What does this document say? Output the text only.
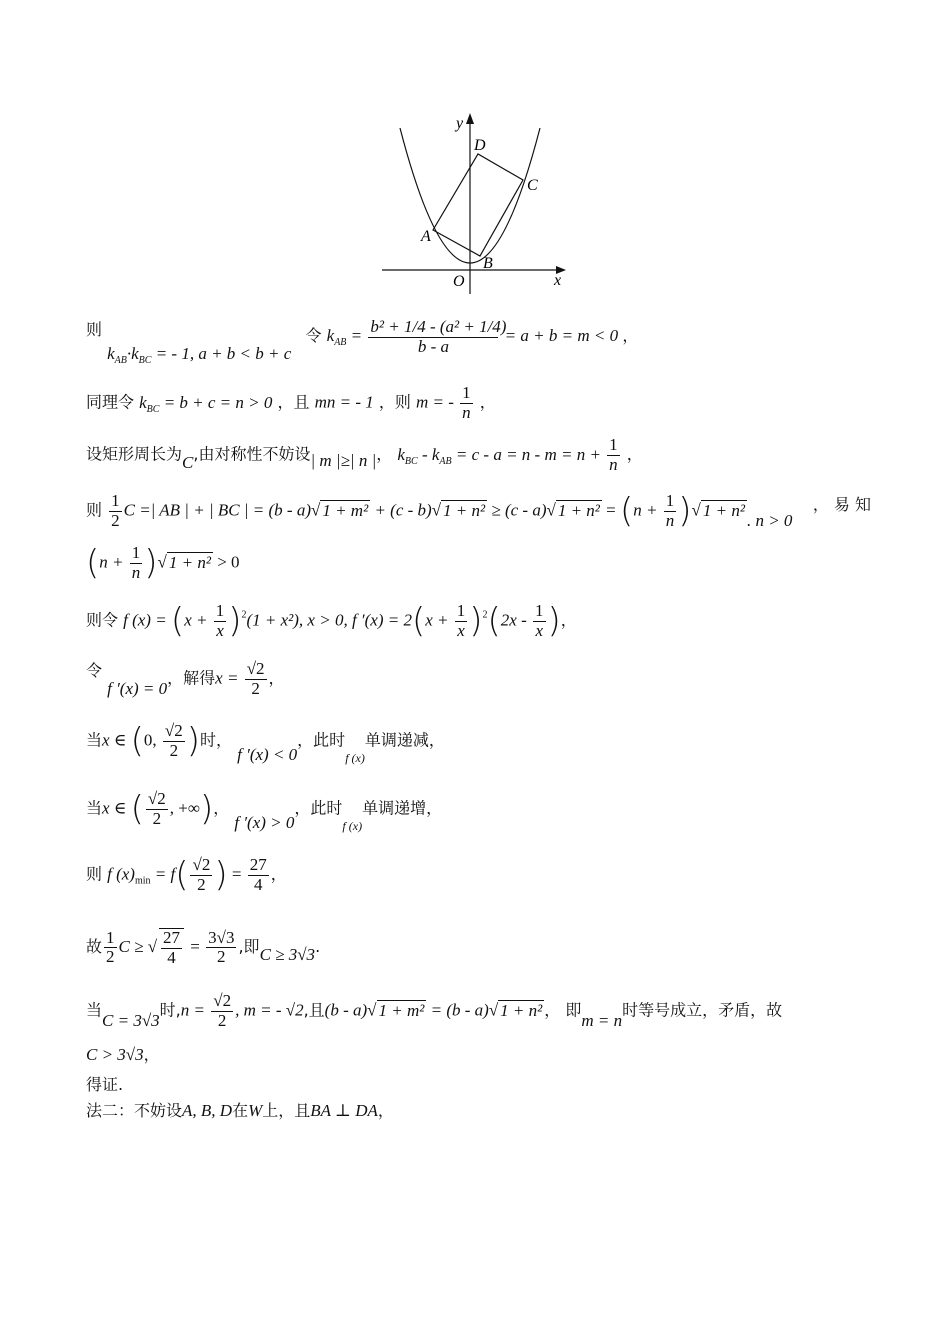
y
D
C
A
B
O	x
则 $k_{AB}\cdot k_{BC}$ = - 1, a + b < b + c 令 $k_{AB} = \frac{\text{b² + 1/4 - (a² + 1/4)}}{b - a} = a + b = m < 0$ ，
同理令 $k_{BC} = b + c = n > 0$ ，且 mn = - 1 ，则 m = - $\frac{1}{n}$ ，
设矩形周长为C,由对称性不妨设| m |≥| n |， $k_{BC} - k_{AB} = c - a = n - m = n + \frac{1}{n}$ ，
则 $\frac{1}{2}$ C =| AB | + | BC | = (b - a)√ 1 + m² + (c - b)√ 1 + n² ≥ (c - a)√ $1 + n^2 = (n + \frac{1}{n}$ )√ 1 + n². n > 0
， 易 知
($n + \frac{1}{n}$ )√ 1 + n² > 0
则令 f $(x) = (x + \frac{1}{x} )^2(1 + x^2)$, x > 0, f $'(x) = 2(x + \frac{1}{x} )^2(2x - \frac{1}{x}$ )，
令 f ′(x) = 0，解得$x = \frac{√2}{2}$ ，
当x ∈ (0, $\frac{√2}{2}$ )时， f ′(x) < 0，此时$_{f (x)}$单调递减，
当x ∈ ( $\frac{√2}{2}$ , +∞)， f ′(x) > 0，此时$_{f (x)}$单调递增，
则 f $(x)_{min} = f( \frac{√2}{2}$ ) = $\frac{27}{4}$ ，
故 $\frac{1}{2}$ C ≥ √ $\frac{27}{4} = \frac{3√3}{2}$ ,即C ≥ 3√3.
当C = 3√3时$,n = \frac{√2}{2}$ , m = - √2,且(b - a)√ 1 + m² = (b - a)√ 1 + n² ， 即m = n时等号成立，矛盾，故
C > 3√3，
得证.
法二：不妨设A, B, D在W上，且BA ⊥ DA，
